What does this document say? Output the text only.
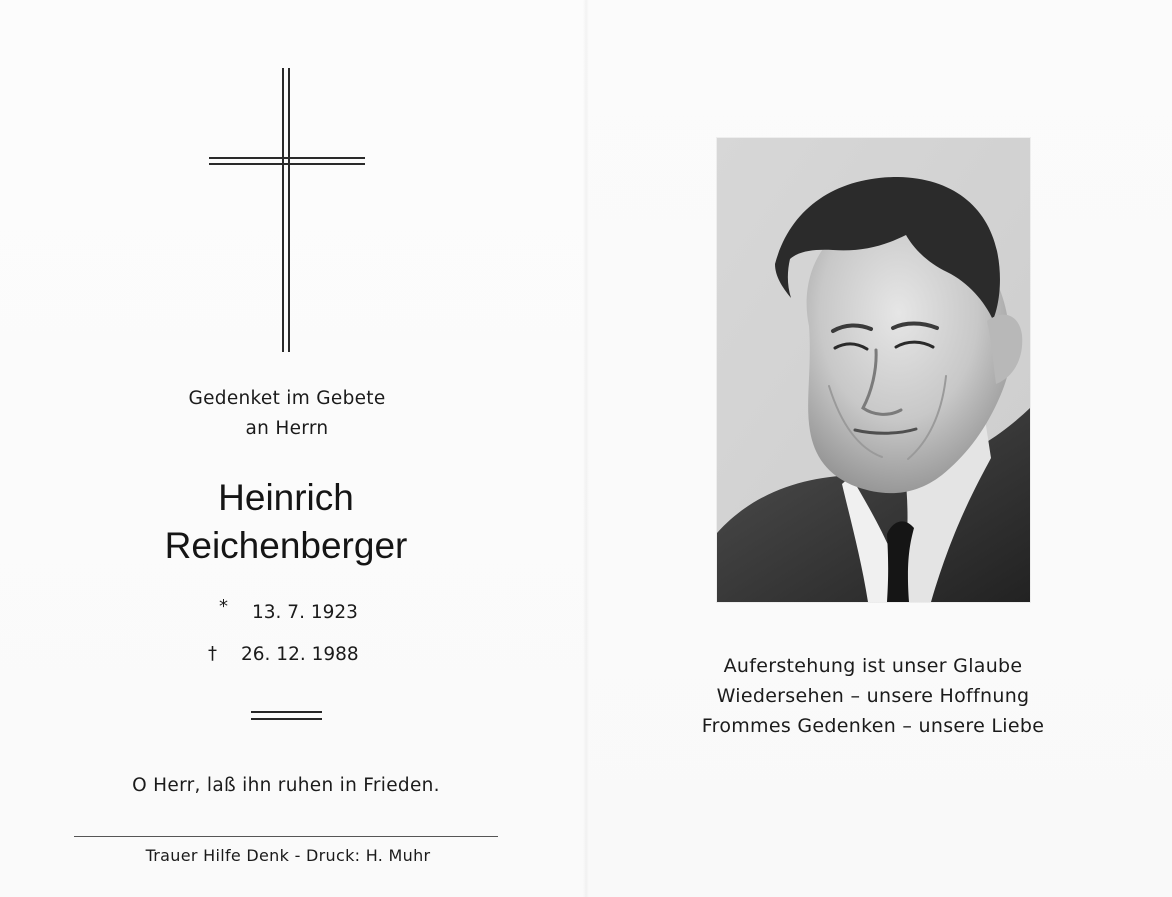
Gedenket im Gebete
an Herrn
Heinrich
Reichenberger
* 13. 7. 1923
† 26. 12. 1988
O Herr, laß ihn ruhen in Frieden.
Trauer Hilfe Denk - Druck: H. Muhr
Auferstehung ist unser Glaube
Wiedersehen – unsere Hoffnung
Frommes Gedenken – unsere Liebe
